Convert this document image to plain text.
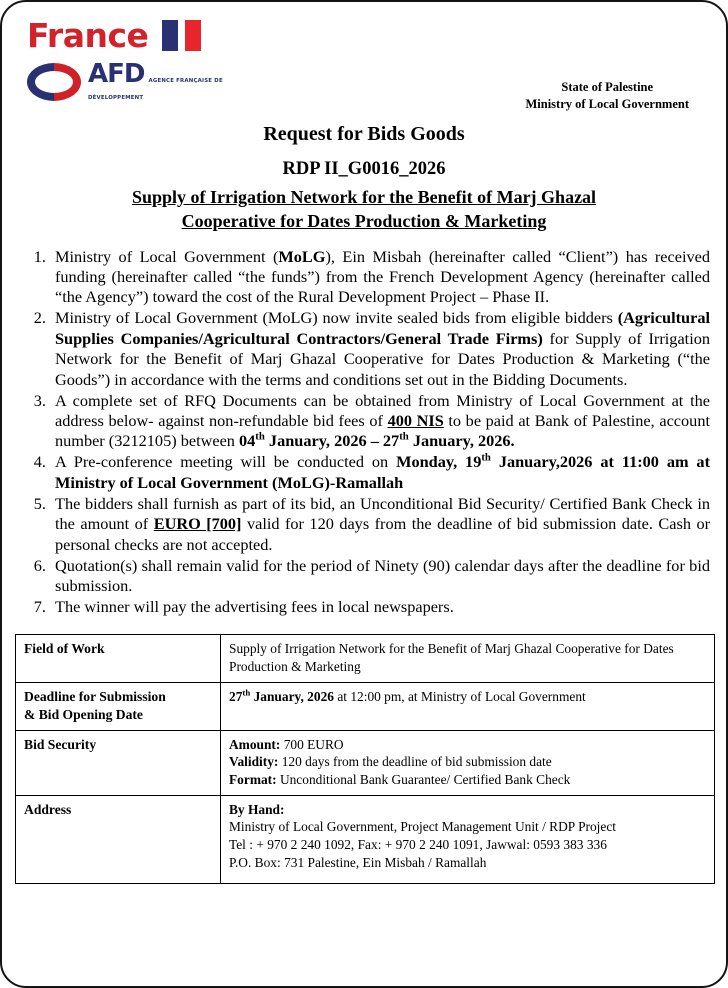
France
AFD AGENCE FRANÇAISE DE DÉVELOPPEMENT
State of Palestine
Ministry of Local Government
Request for Bids Goods
RDP II_G0016_2026
Supply of Irrigation Network for the Benefit of Marj Ghazal
Cooperative for Dates Production & Marketing
1. Ministry of Local Government (MoLG), Ein Misbah (hereinafter called “Client”) has received funding (hereinafter called “the funds”) from the French Development Agency (hereinafter called “the Agency”) toward the cost of the Rural Development Project – Phase II.
2. Ministry of Local Government (MoLG) now invite sealed bids from eligible bidders (Agricultural Supplies Companies/Agricultural Contractors/General Trade Firms) for Supply of Irrigation Network for the Benefit of Marj Ghazal Cooperative for Dates Production & Marketing (“the Goods”) in accordance with the terms and conditions set out in the Bidding Documents.
3. A complete set of RFQ Documents can be obtained from Ministry of Local Government at the address below- against non-refundable bid fees of 400 NIS to be paid at Bank of Palestine, account number (3212105) between 04th January, 2026 – 27th January, 2026.
4. A Pre-conference meeting will be conducted on Monday, 19th January,2026 at 11:00 am at Ministry of Local Government (MoLG)-Ramallah
5. The bidders shall furnish as part of its bid, an Unconditional Bid Security/ Certified Bank Check in the amount of EURO [700] valid for 120 days from the deadline of bid submission date. Cash or personal checks are not accepted.
6. Quotation(s) shall remain valid for the period of Ninety (90) calendar days after the deadline for bid submission.
7. The winner will pay the advertising fees in local newspapers.
Field of Work	Supply of Irrigation Network for the Benefit of Marj Ghazal Cooperative for Dates Production & Marketing
Deadline for Submission
& Bid Opening Date	27th January, 2026 at 12:00 pm, at Ministry of Local Government
Bid Security	Amount: 700 EURO
Validity: 120 days from the deadline of bid submission date
Format: Unconditional Bank Guarantee/ Certified Bank Check

Address	By Hand:
Ministry of Local Government, Project Management Unit / RDP Project
Tel : + 970 2 240 1092, Fax: + 970 2 240 1091, Jawwal: 0593 383 336
P.O. Box: 731 Palestine, Ein Misbah / Ramallah
